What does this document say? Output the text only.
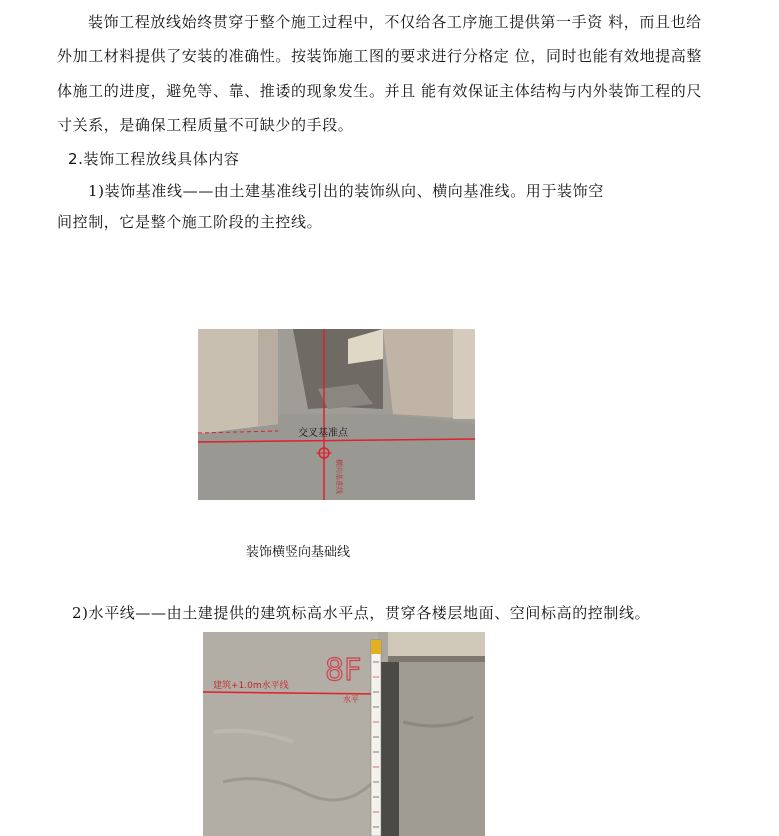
装饰工程放线始终贯穿于整个施工过程中，不仅给各工序施工提供第一手资 料，而且也给
外加工材料提供了安装的准确性。按装饰施工图的要求进行分格定 位，同时也能有效地提高整
体施工的进度，避免等、靠、推诿的现象发生。并且 能有效保证主体结构与内外装饰工程的尺
寸关系，是确保工程质量不可缺少的手段。
2.装饰工程放线具体内容
1)装饰基准线——由土建基准线引出的装饰纵向、横向基准线。用于装饰空
间控制，它是整个施工阶段的主控线。
交叉基准点
横向基准线
装饰横竖向基础线
2)水平线——由土建提供的建筑标高水平点，贯穿各楼层地面、空间标高的控制线。
建筑+1.0m水平线 8F
水平
